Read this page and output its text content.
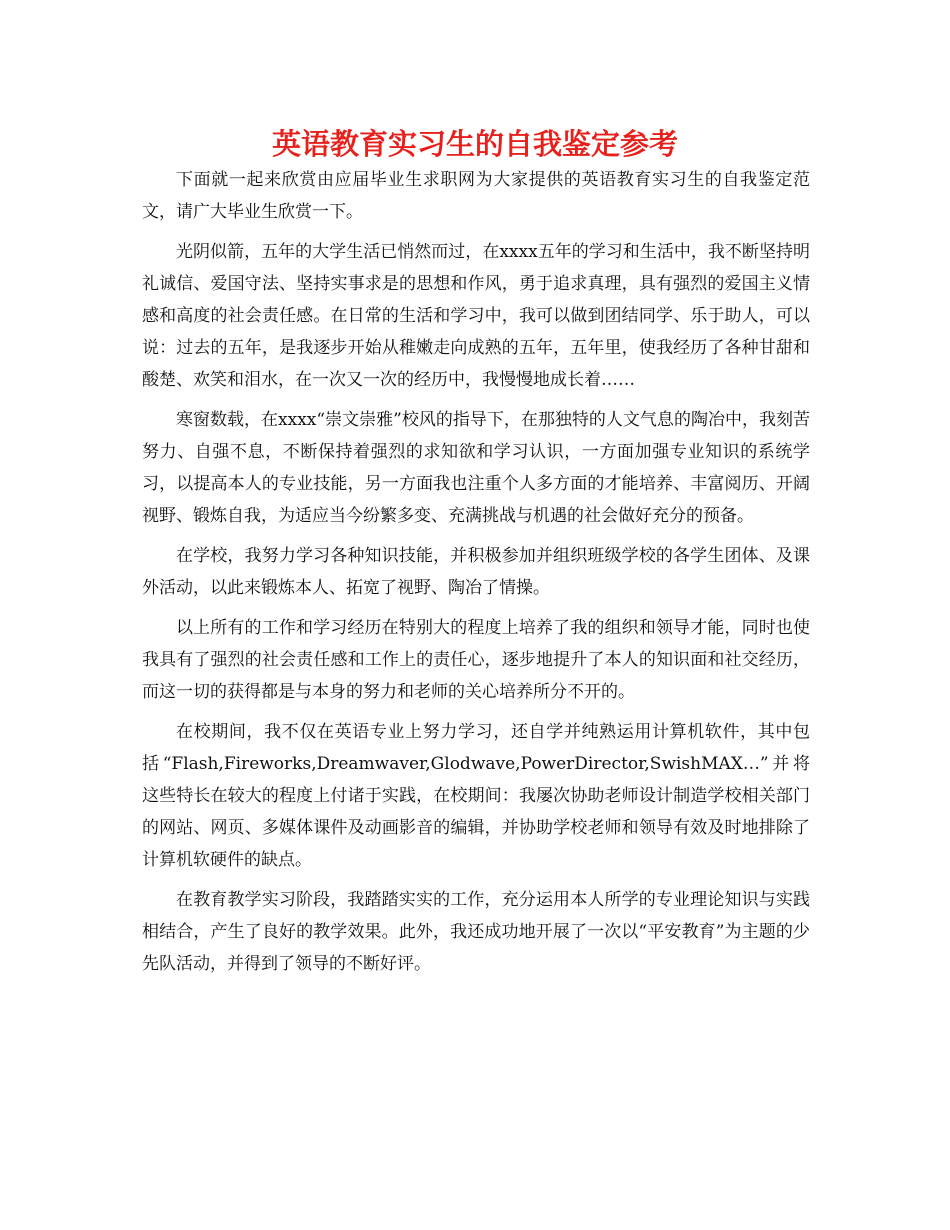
英语教育实习生的自我鉴定参考

下面就一起来欣赏由应届毕业生求职网为大家提供的英语教育实习生的自我鉴定范文，请广大毕业生欣赏一下。

光阴似箭，五年的大学生活已悄然而过，在xxxx五年的学习和生活中，我不断坚持明礼诚信、爱国守法、坚持实事求是的思想和作风，勇于追求真理，具有强烈的爱国主义情感和高度的社会责任感。在日常的生活和学习中，我可以做到团结同学、乐于助人，可以说：过去的五年，是我逐步开始从稚嫩走向成熟的五年，五年里，使我经历了各种甘甜和酸楚、欢笑和泪水，在一次又一次的经历中，我慢慢地成长着……

寒窗数载，在xxxx“崇文崇雅”校风的指导下，在那独特的人文气息的陶冶中，我刻苦努力、自强不息，不断保持着强烈的求知欲和学习认识，一方面加强专业知识的系统学习，以提高本人的专业技能，另一方面我也注重个人多方面的才能培养、丰富阅历、开阔视野、锻炼自我，为适应当今纷繁多变、充满挑战与机遇的社会做好充分的预备。

在学校，我努力学习各种知识技能，并积极参加并组织班级学校的各学生团体、及课外活动，以此来锻炼本人、拓宽了视野、陶冶了情操。

以上所有的工作和学习经历在特别大的程度上培养了我的组织和领导才能，同时也使我具有了强烈的社会责任感和工作上的责任心，逐步地提升了本人的知识面和社交经历，而这一切的获得都是与本身的努力和老师的关心培养所分不开的。

在校期间，我不仅在英语专业上努力学习，还自学并纯熟运用计算机软件，其中包括“Flash,Fireworks,Dreamwaver,Glodwave,PowerDirector,SwishMAX…”并将这些特长在较大的程度上付诸于实践，在校期间：我屡次协助老师设计制造学校相关部门的网站、网页、多媒体课件及动画影音的编辑，并协助学校老师和领导有效及时地排除了计算机软硬件的缺点。

在教育教学实习阶段，我踏踏实实的工作，充分运用本人所学的专业理论知识与实践相结合，产生了良好的教学效果。此外，我还成功地开展了一次以“平安教育”为主题的少先队活动，并得到了领导的不断好评。
